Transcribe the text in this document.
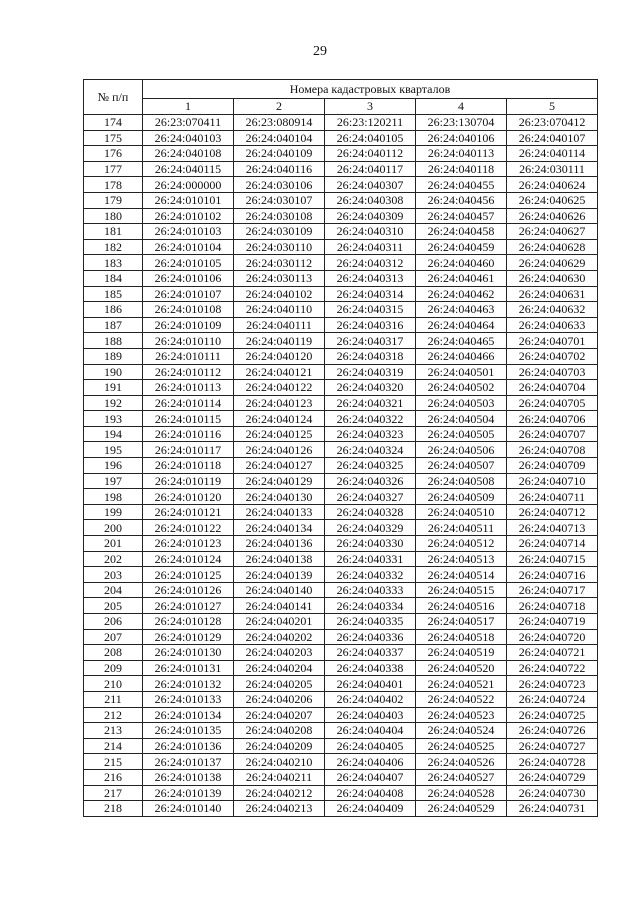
29
№ п/п	Номера кадастровых кварталов				
	1	2	3	4	5
174	26:23:070411	26:23:080914	26:23:120211	26:23:130704	26:23:070412
175	26:24:040103	26:24:040104	26:24:040105	26:24:040106	26:24:040107
176	26:24:040108	26:24:040109	26:24:040112	26:24:040113	26:24:040114
177	26:24:040115	26:24:040116	26:24:040117	26:24:040118	26:24:030111
178	26:24:000000	26:24:030106	26:24:040307	26:24:040455	26:24:040624
179	26:24:010101	26:24:030107	26:24:040308	26:24:040456	26:24:040625
180	26:24:010102	26:24:030108	26:24:040309	26:24:040457	26:24:040626
181	26:24:010103	26:24:030109	26:24:040310	26:24:040458	26:24:040627
182	26:24:010104	26:24:030110	26:24:040311	26:24:040459	26:24:040628
183	26:24:010105	26:24:030112	26:24:040312	26:24:040460	26:24:040629
184	26:24:010106	26:24:030113	26:24:040313	26:24:040461	26:24:040630
185	26:24:010107	26:24:040102	26:24:040314	26:24:040462	26:24:040631
186	26:24:010108	26:24:040110	26:24:040315	26:24:040463	26:24:040632
187	26:24:010109	26:24:040111	26:24:040316	26:24:040464	26:24:040633
188	26:24:010110	26:24:040119	26:24:040317	26:24:040465	26:24:040701
189	26:24:010111	26:24:040120	26:24:040318	26:24:040466	26:24:040702
190	26:24:010112	26:24:040121	26:24:040319	26:24:040501	26:24:040703
191	26:24:010113	26:24:040122	26:24:040320	26:24:040502	26:24:040704
192	26:24:010114	26:24:040123	26:24:040321	26:24:040503	26:24:040705
193	26:24:010115	26:24:040124	26:24:040322	26:24:040504	26:24:040706
194	26:24:010116	26:24:040125	26:24:040323	26:24:040505	26:24:040707
195	26:24:010117	26:24:040126	26:24:040324	26:24:040506	26:24:040708
196	26:24:010118	26:24:040127	26:24:040325	26:24:040507	26:24:040709
197	26:24:010119	26:24:040129	26:24:040326	26:24:040508	26:24:040710
198	26:24:010120	26:24:040130	26:24:040327	26:24:040509	26:24:040711
199	26:24:010121	26:24:040133	26:24:040328	26:24:040510	26:24:040712
200	26:24:010122	26:24:040134	26:24:040329	26:24:040511	26:24:040713
201	26:24:010123	26:24:040136	26:24:040330	26:24:040512	26:24:040714
202	26:24:010124	26:24:040138	26:24:040331	26:24:040513	26:24:040715
203	26:24:010125	26:24:040139	26:24:040332	26:24:040514	26:24:040716
204	26:24:010126	26:24:040140	26:24:040333	26:24:040515	26:24:040717
205	26:24:010127	26:24:040141	26:24:040334	26:24:040516	26:24:040718
206	26:24:010128	26:24:040201	26:24:040335	26:24:040517	26:24:040719
207	26:24:010129	26:24:040202	26:24:040336	26:24:040518	26:24:040720
208	26:24:010130	26:24:040203	26:24:040337	26:24:040519	26:24:040721
209	26:24:010131	26:24:040204	26:24:040338	26:24:040520	26:24:040722
210	26:24:010132	26:24:040205	26:24:040401	26:24:040521	26:24:040723
211	26:24:010133	26:24:040206	26:24:040402	26:24:040522	26:24:040724
212	26:24:010134	26:24:040207	26:24:040403	26:24:040523	26:24:040725
213	26:24:010135	26:24:040208	26:24:040404	26:24:040524	26:24:040726
214	26:24:010136	26:24:040209	26:24:040405	26:24:040525	26:24:040727
215	26:24:010137	26:24:040210	26:24:040406	26:24:040526	26:24:040728
216	26:24:010138	26:24:040211	26:24:040407	26:24:040527	26:24:040729
217	26:24:010139	26:24:040212	26:24:040408	26:24:040528	26:24:040730
218	26:24:010140	26:24:040213	26:24:040409	26:24:040529	26:24:040731
